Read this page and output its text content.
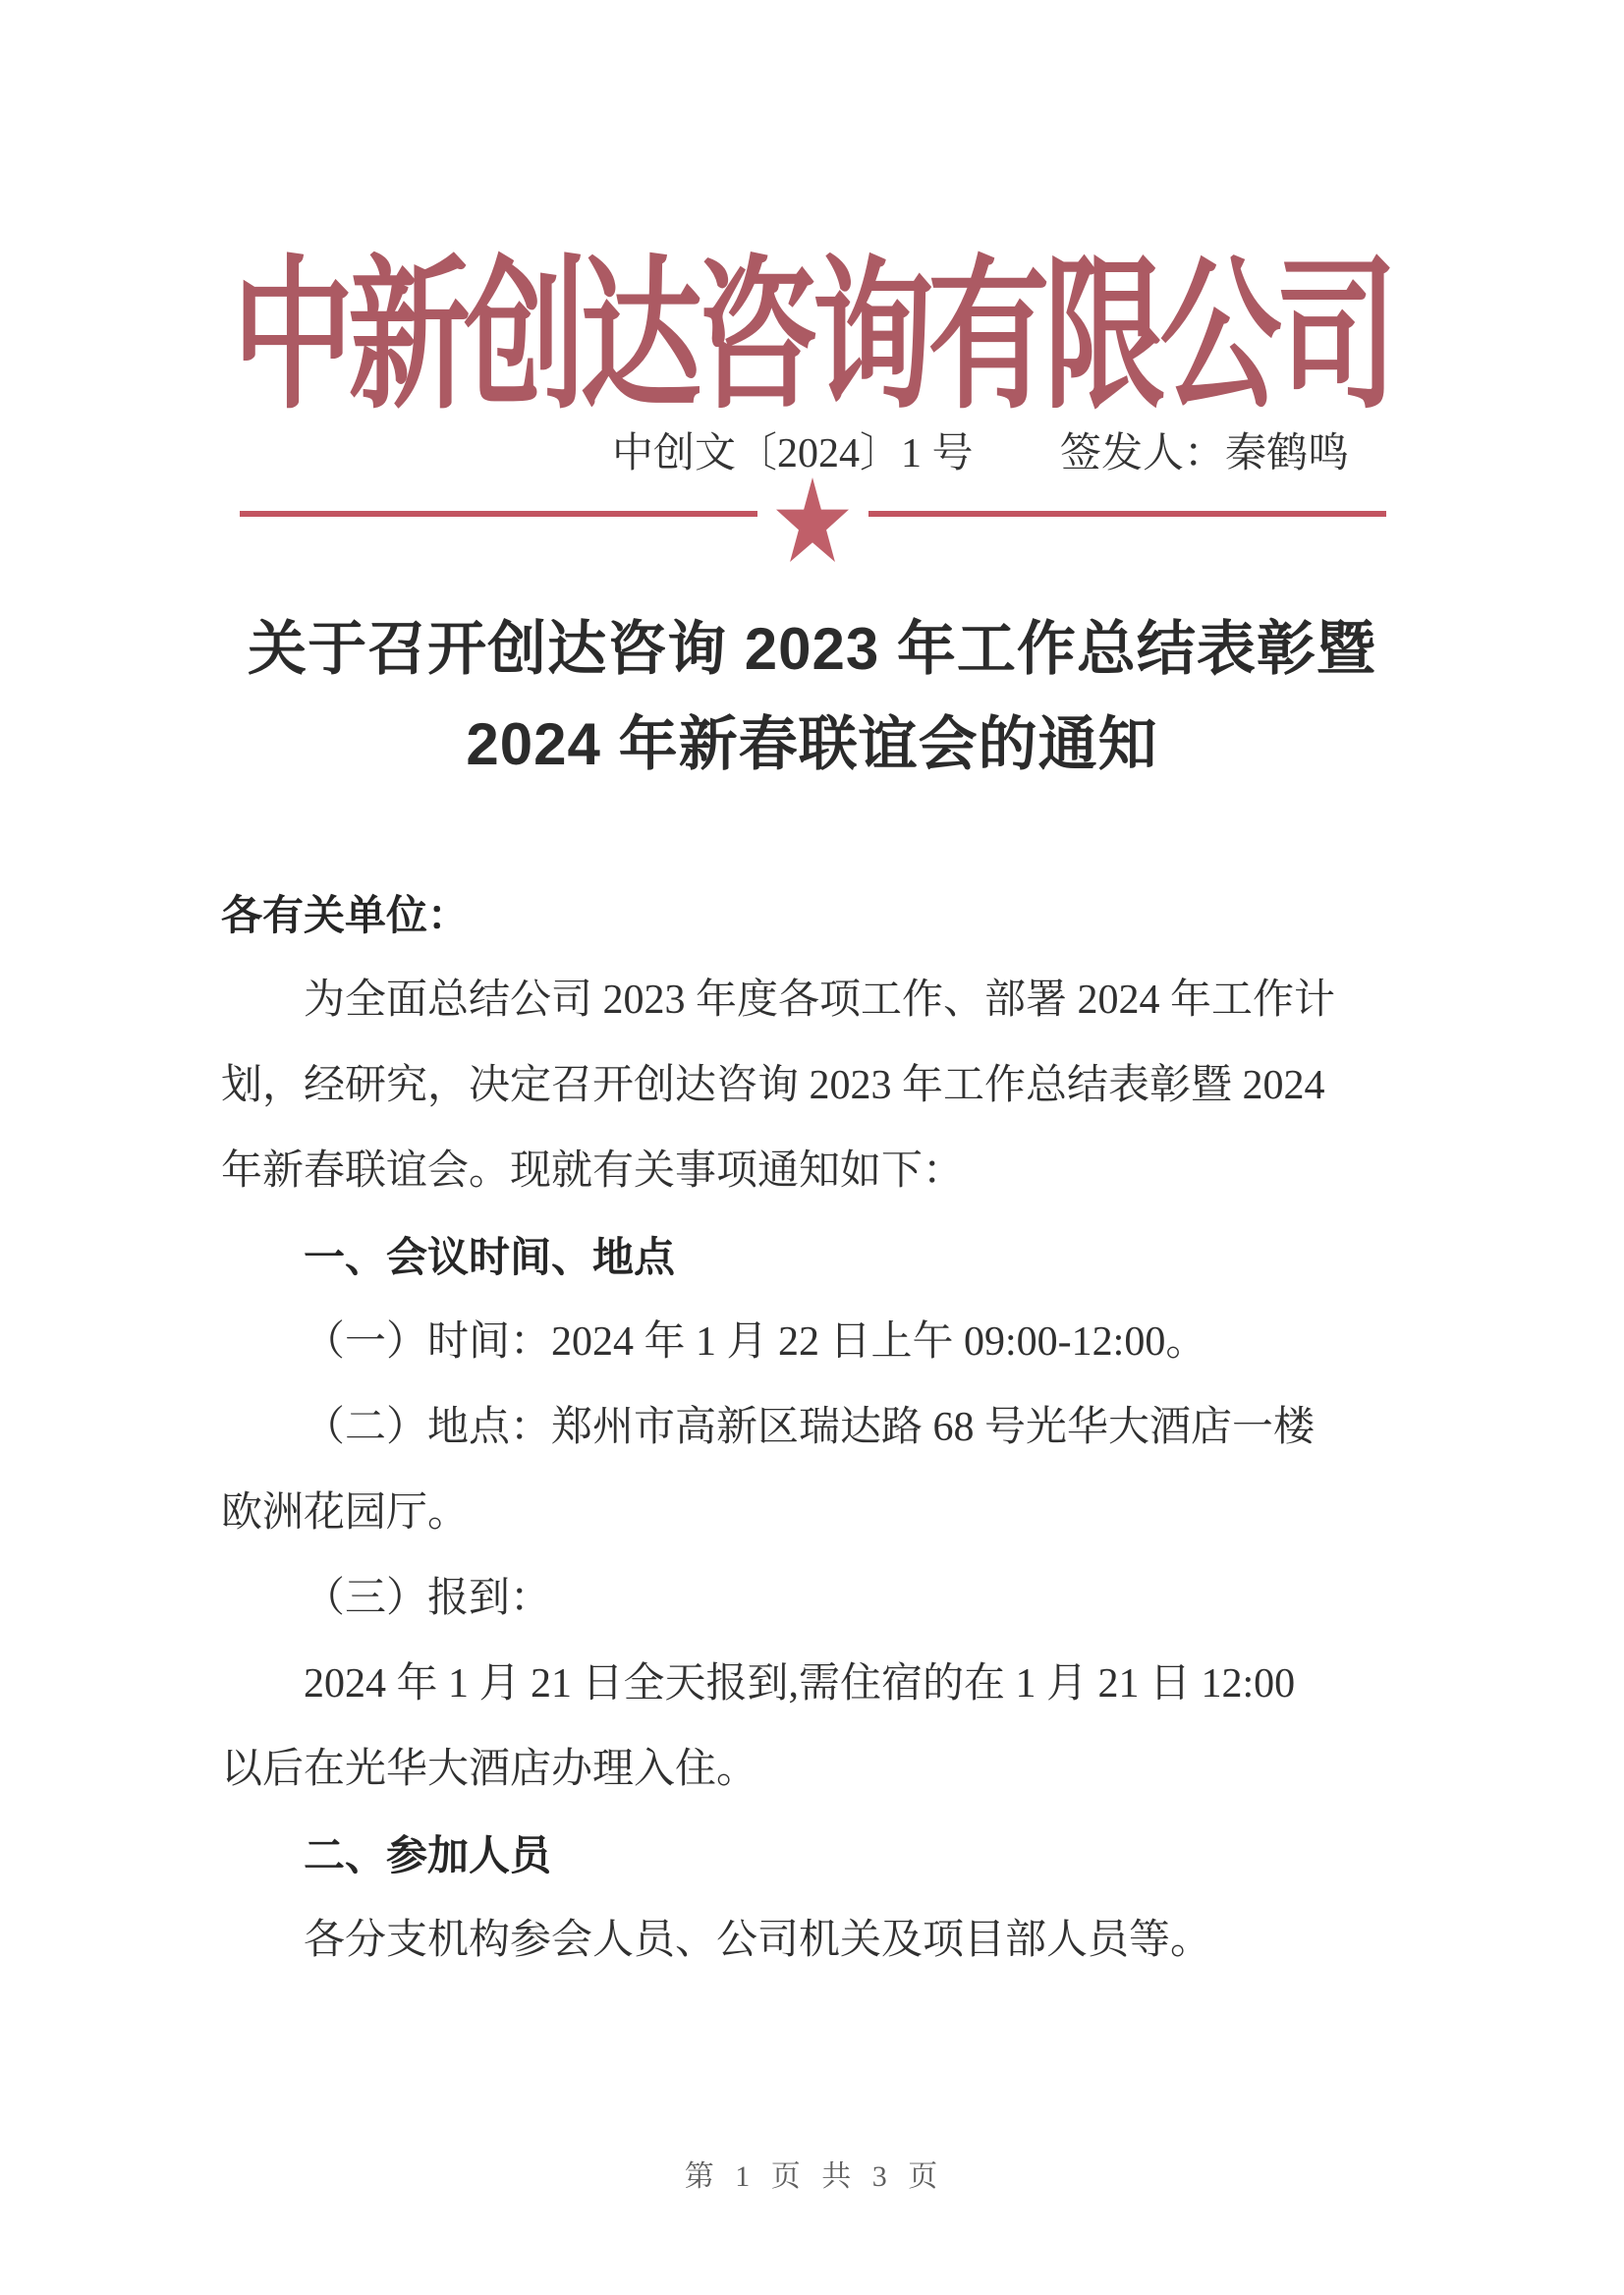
中新创达咨询有限公司
中创文〔2024〕1 号 签发人：秦鹤鸣
关于召开创达咨询 2023 年工作总结表彰暨
2024 年新春联谊会的通知
各有关单位：
为全面总结公司 2023 年度各项工作、部署 2024 年工作计
划，经研究，决定召开创达咨询 2023 年工作总结表彰暨 2024
年新春联谊会。现就有关事项通知如下：
一、会议时间、地点
（一）时间：2024 年 1 月 22 日上午 09:00-12:00。
（二）地点：郑州市高新区瑞达路 68 号光华大酒店一楼
欧洲花园厅。
（三）报到：
2024 年 1 月 21 日全天报到,需住宿的在 1 月 21 日 12:00
以后在光华大酒店办理入住。
二、参加人员
各分支机构参会人员、公司机关及项目部人员等。
第 1 页 共 3 页
